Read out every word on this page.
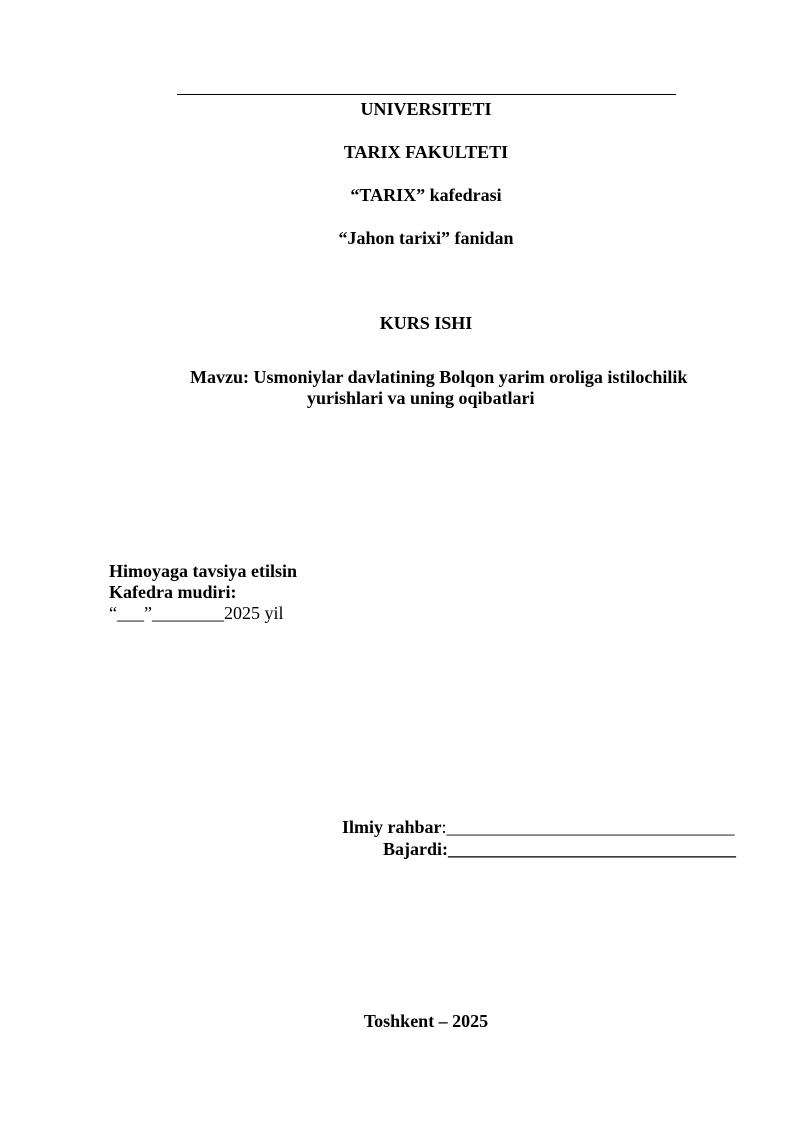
UNIVERSITETI
TARIX FAKULTETI
“TARIX” kafedrasi
“Jahon tarixi” fanidan
KURS ISHI
Mavzu: Usmoniylar davlatining Bolqon yarim oroliga istilochilik
yurishlari va uning oqibatlari
Himoyaga tavsiya etilsin
Kafedra mudiri:
“___”________2025 yil
Ilmiy rahbar:________________________________
Bajardi:________________________________
Toshkent – 2025
